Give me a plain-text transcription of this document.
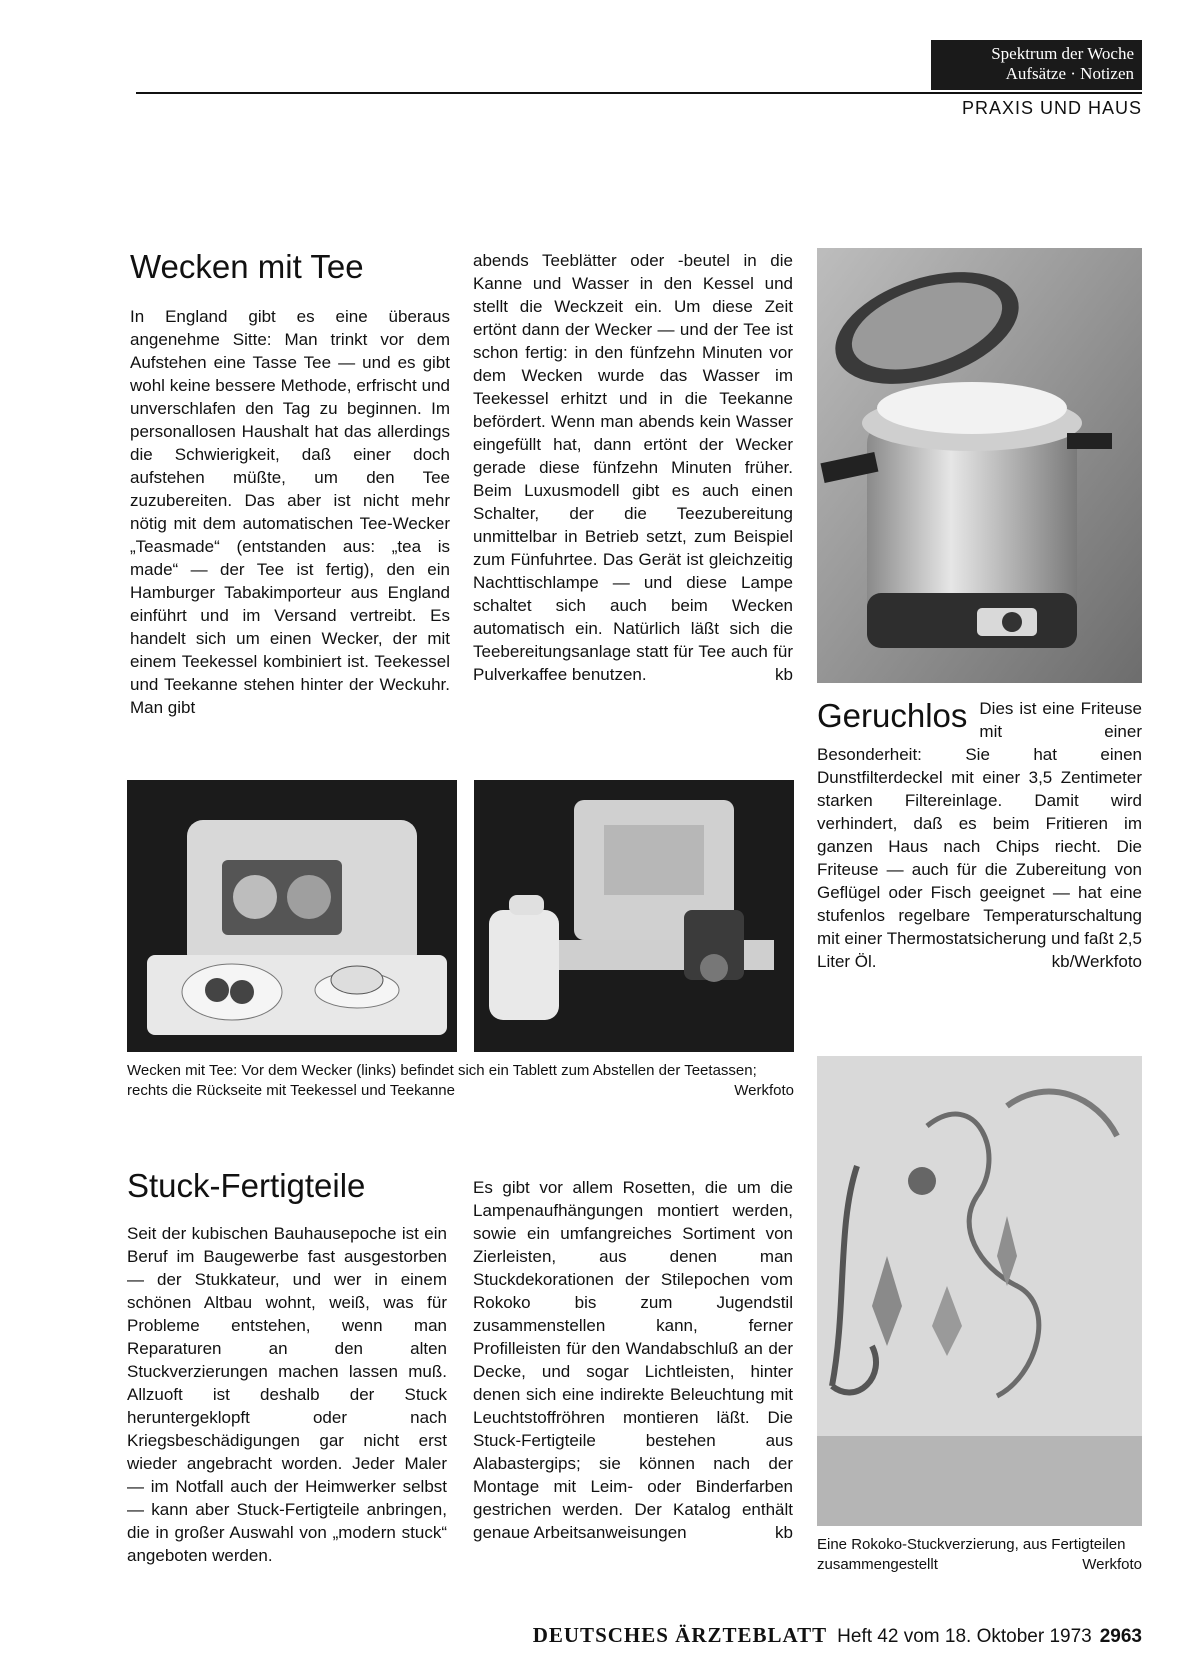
Spektrum der Woche
Aufsätze · Notizen
PRAXIS UND HAUS
Wecken mit Tee

In England gibt es eine überaus angenehme Sitte: Man trinkt vor dem Aufstehen eine Tasse Tee — und es gibt wohl keine bessere Methode, erfrischt und unverschlafen den Tag zu beginnen. Im personallosen Haushalt hat das allerdings die Schwierigkeit, daß einer doch aufstehen müßte, um den Tee zuzubereiten. Das aber ist nicht mehr nötig mit dem automatischen Tee-Wecker „Teasmade“ (entstanden aus: „tea is made“ — der Tee ist fertig), den ein Hamburger Tabakimporteur aus England einführt und im Versand vertreibt. Es handelt sich um einen Wecker, der mit einem Teekessel kombiniert ist. Teekessel und Teekanne stehen hinter der Weckuhr. Man gibt

abends Teeblätter oder -beutel in die Kanne und Wasser in den Kessel und stellt die Weckzeit ein. Um diese Zeit ertönt dann der Wecker — und der Tee ist schon fertig: in den fünfzehn Minuten vor dem Wecken wurde das Wasser im Teekessel erhitzt und in die Teekanne befördert. Wenn man abends kein Wasser eingefüllt hat, dann ertönt der Wecker gerade diese fünfzehn Minuten früher. Beim Luxusmodell gibt es auch einen Schalter, der die Teezubereitung unmittelbar in Betrieb setzt, zum Beispiel zum Fünfuhrtee. Das Gerät ist gleichzeitig Nachttischlampe — und diese Lampe schaltet sich auch beim Wecken automatisch ein. Natürlich läßt sich die Teebereitungsanlage statt für Tee auch für Pulverkaffee benutzen.	kb

Geruchlos Dies ist eine Friteuse mit einer Besonderheit: Sie hat einen Dunstfilterdeckel mit einer 3,5 Zentimeter starken Filtereinlage. Damit wird verhindert, daß es beim Fritieren im ganzen Haus nach Chips riecht. Die Friteuse — auch für die Zubereitung von Geflügel oder Fisch geeignet — hat eine stufenlos regelbare Temperaturschaltung mit einer Thermostatsicherung und faßt 2,5 Liter Öl.	kb/Werkfoto

Wecken mit Tee: Vor dem Wecker (links) befindet sich ein Tablett zum Abstellen der Teetassen; rechts die Rückseite mit Teekessel und Teekanne	Werkfoto

Stuck-Fertigteile

Seit der kubischen Bauhausepoche ist ein Beruf im Baugewerbe fast ausgestorben — der Stukkateur, und wer in einem schönen Altbau wohnt, weiß, was für Probleme entstehen, wenn man Reparaturen an den alten Stuckverzierungen machen lassen muß. Allzuoft ist deshalb der Stuck heruntergeklopft oder nach Kriegsbeschädigungen gar nicht erst wieder angebracht worden. Jeder Maler — im Notfall auch der Heimwerker selbst — kann aber Stuck-Fertigteile anbringen, die in großer Auswahl von „modern stuck“ angeboten werden.

Es gibt vor allem Rosetten, die um die Lampenaufhängungen montiert werden, sowie ein umfangreiches Sortiment von Zierleisten, aus denen man Stuckdekorationen der Stilepochen vom Rokoko bis zum Jugendstil zusammenstellen kann, ferner Profilleisten für den Wandabschluß an der Decke, und sogar Lichtleisten, hinter denen sich eine indirekte Beleuchtung mit Leuchtstoffröhren montieren läßt. Die Stuck-Fertigteile bestehen aus Alabastergips; sie können nach der Montage mit Leim- oder Binderfarben gestrichen werden. Der Katalog enthält genaue Arbeitsanweisungen	kb

Eine Rokoko-Stuckverzierung, aus Fertigteilen zusammengestellt	Werkfoto

DEUTSCHES ÄRZTEBLATT Heft 42 vom 18. Oktober 1973 2963
